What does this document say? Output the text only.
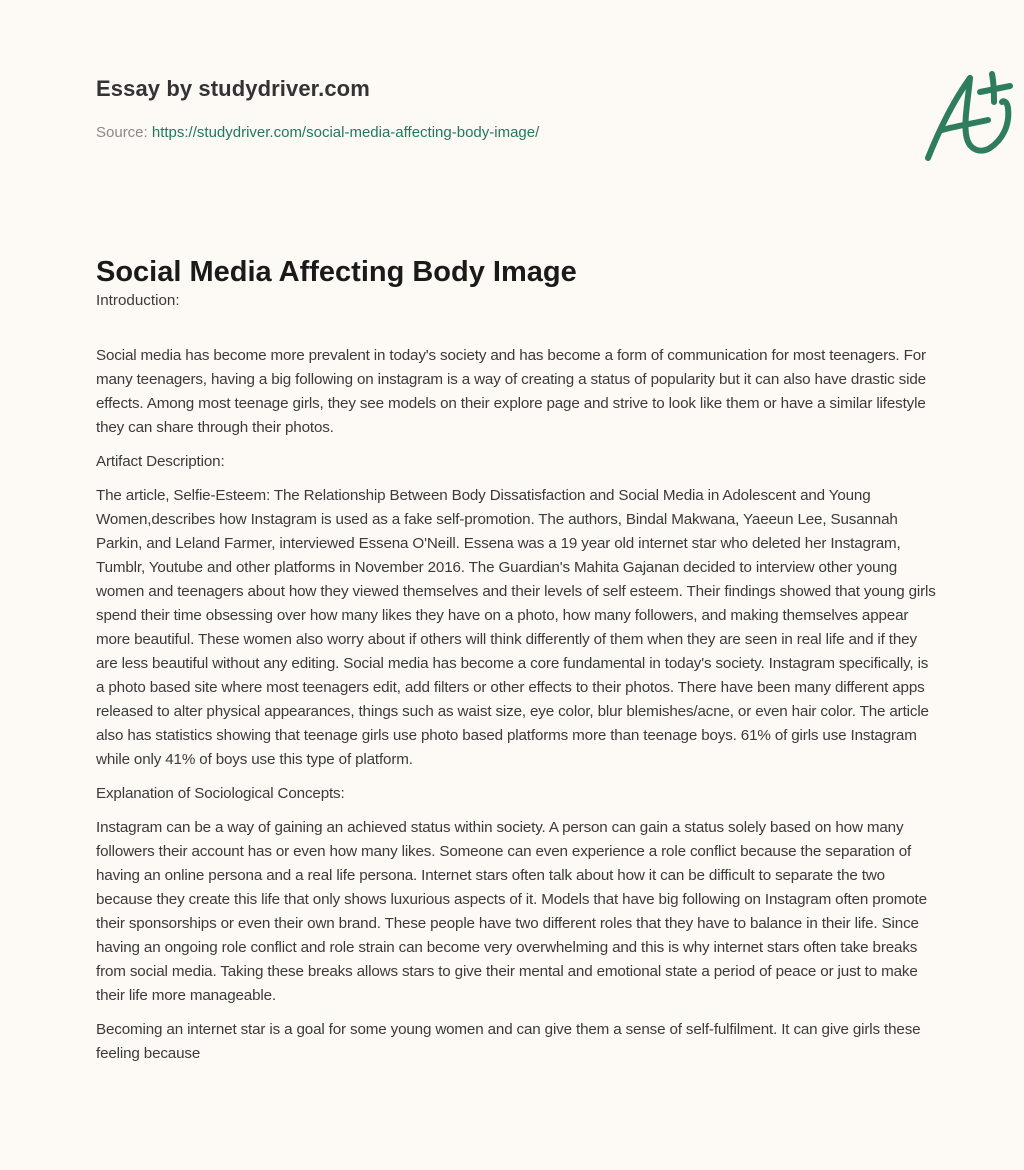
Essay by studydriver.com
Source: https://studydriver.com/social-media-affecting-body-image/
Social Media Affecting Body Image

Introduction:

Social media has become more prevalent in today's society and has become a form of communication for most teenagers. For many teenagers, having a big following on instagram is a way of creating a status of popularity but it can also have drastic side effects. Among most teenage girls, they see models on their explore page and strive to look like them or have a similar lifestyle they can share through their photos.

Artifact Description:

The article, Selfie-Esteem: The Relationship Between Body Dissatisfaction and Social Media in Adolescent and Young Women,describes how Instagram is used as a fake self-promotion. The authors, Bindal Makwana, Yaeeun Lee, Susannah Parkin, and Leland Farmer, interviewed Essena O'Neill. Essena was a 19 year old internet star who deleted her Instagram, Tumblr, Youtube and other platforms in November 2016. The Guardian's Mahita Gajanan decided to interview other young women and teenagers about how they viewed themselves and their levels of self esteem. Their findings showed that young girls spend their time obsessing over how many likes they have on a photo, how many followers, and making themselves appear more beautiful. These women also worry about if others will think differently of them when they are seen in real life and if they are less beautiful without any editing. Social media has become a core fundamental in today's society. Instagram specifically, is a photo based site where most teenagers edit, add filters or other effects to their photos. There have been many different apps released to alter physical appearances, things such as waist size, eye color, blur blemishes/acne, or even hair color. The article also has statistics showing that teenage girls use photo based platforms more than teenage boys. 61% of girls use Instagram while only 41% of boys use this type of platform.

Explanation of Sociological Concepts:

Instagram can be a way of gaining an achieved status within society. A person can gain a status solely based on how many followers their account has or even how many likes. Someone can even experience a role conflict because the separation of having an online persona and a real life persona. Internet stars often talk about how it can be difficult to separate the two because they create this life that only shows luxurious aspects of it. Models that have big following on Instagram often promote their sponsorships or even their own brand. These people have two different roles that they have to balance in their life. Since having an ongoing role conflict and role strain can become very overwhelming and this is why internet stars often take breaks from social media. Taking these breaks allows stars to give their mental and emotional state a period of peace or just to make their life more manageable.

Becoming an internet star is a goal for some young women and can give them a sense of self-fulfilment. It can give girls these feeling because
